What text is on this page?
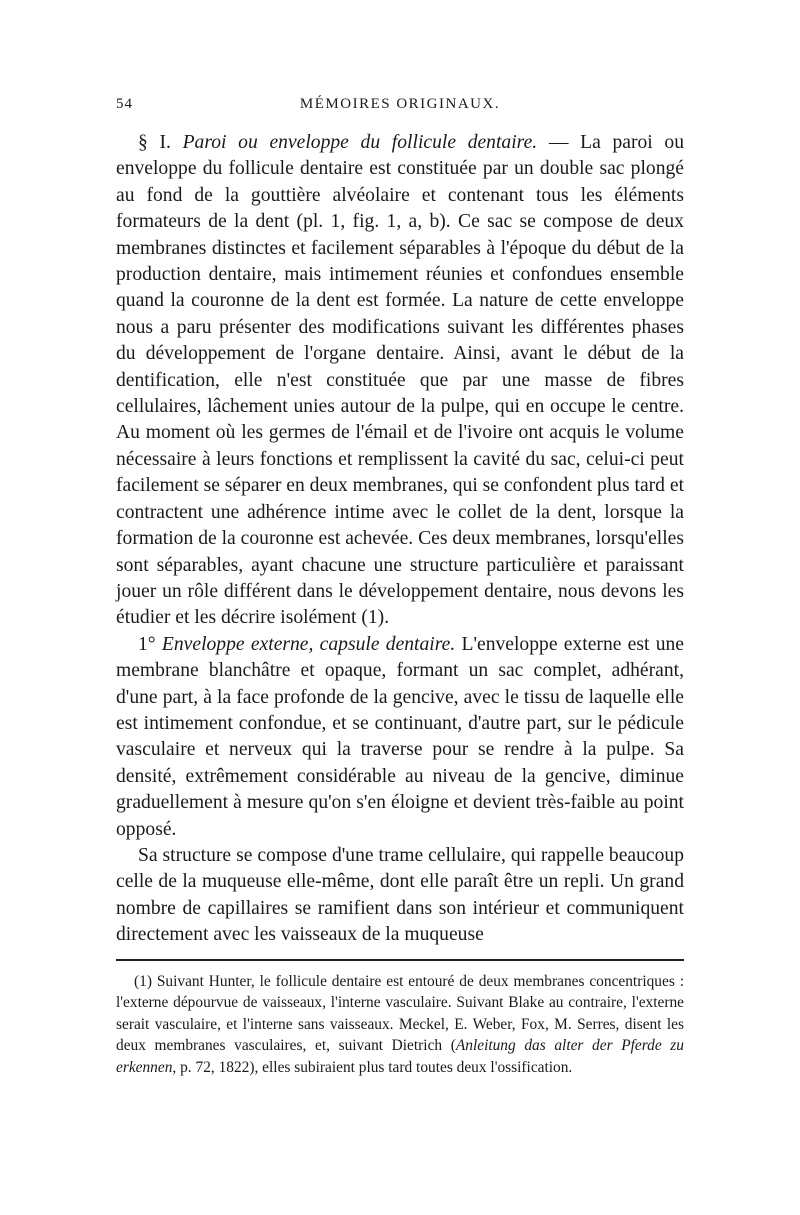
54	MÉMOIRES ORIGINAUX.

§ I. Paroi ou enveloppe du follicule dentaire. — La paroi ou enveloppe du follicule dentaire est constituée par un double sac plongé au fond de la gouttière alvéolaire et contenant tous les éléments formateurs de la dent (pl. 1, fig. 1, a, b). Ce sac se compose de deux membranes distinctes et facilement séparables à l'époque du début de la production dentaire, mais intimement réunies et confondues ensemble quand la couronne de la dent est formée. La nature de cette enveloppe nous a paru présenter des modifications suivant les différentes phases du développement de l'organe dentaire. Ainsi, avant le début de la dentification, elle n'est constituée que par une masse de fibres cellulaires, lâchement unies autour de la pulpe, qui en occupe le centre. Au moment où les germes de l'émail et de l'ivoire ont acquis le volume nécessaire à leurs fonctions et remplissent la cavité du sac, celui-ci peut facilement se séparer en deux membranes, qui se confondent plus tard et contractent une adhérence intime avec le collet de la dent, lorsque la formation de la couronne est achevée. Ces deux membranes, lorsqu'elles sont séparables, ayant chacune une structure particulière et paraissant jouer un rôle différent dans le développement dentaire, nous devons les étudier et les décrire isolément (1).

1° Enveloppe externe, capsule dentaire. L'enveloppe externe est une membrane blanchâtre et opaque, formant un sac complet, adhérant, d'une part, à la face profonde de la gencive, avec le tissu de laquelle elle est intimement confondue, et se continuant, d'autre part, sur le pédicule vasculaire et nerveux qui la traverse pour se rendre à la pulpe. Sa densité, extrêmement considérable au niveau de la gencive, diminue graduellement à mesure qu'on s'en éloigne et devient très-faible au point opposé.

Sa structure se compose d'une trame cellulaire, qui rappelle beaucoup celle de la muqueuse elle-même, dont elle paraît être un repli. Un grand nombre de capillaires se ramifient dans son intérieur et communiquent directement avec les vaisseaux de la muqueuse

(1) Suivant Hunter, le follicule dentaire est entouré de deux membranes concentriques : l'externe dépourvue de vaisseaux, l'interne vasculaire. Suivant Blake au contraire, l'externe serait vasculaire, et l'interne sans vaisseaux. Meckel, E. Weber, Fox, M. Serres, disent les deux membranes vasculaires, et, suivant Dietrich (Anleitung das alter der Pferde zu erkennen, p. 72, 1822), elles subiraient plus tard toutes deux l'ossification.
